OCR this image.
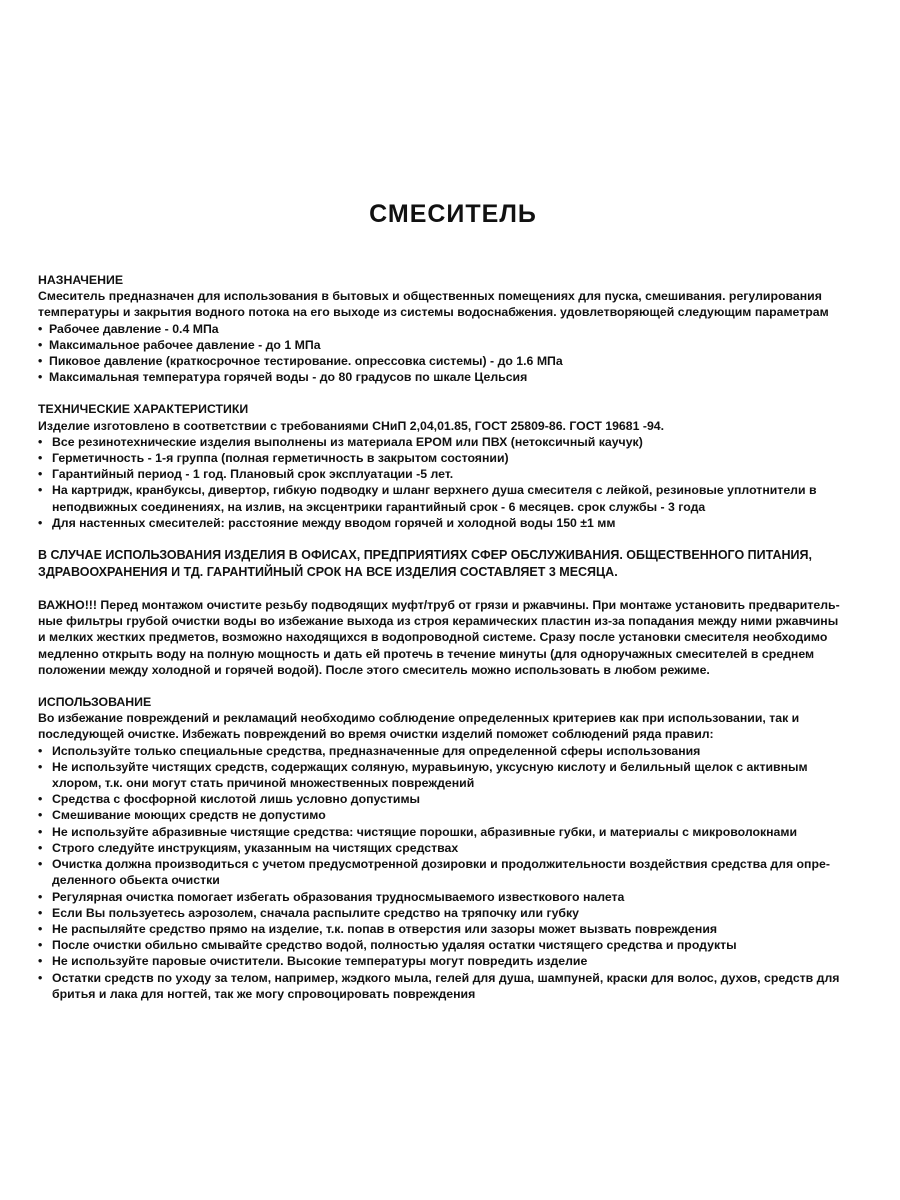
СМЕСИТЕЛЬ
НАЗНАЧЕНИЕ
Смеситель предназначен для использования в бытовых и общественных помещениях для пуска, смешивания. регулирования
температуры и закрытия водного потока на его выходе из системы водоснабжения. удовлетворяющей следующим параметрам
• Рабочее давление - 0.4 МПа
• Максимальное рабочее давление - до 1 МПа
• Пиковое давление (краткосрочное тестирование. опрессовка системы) - до 1.6 МПа
• Максимальная температура горячей воды - до 80 градусов по шкале Цельсия
ТЕХНИЧЕСКИЕ ХАРАКТЕРИСТИКИ
Изделие изготовлено в соответствии с требованиями СНиП 2,04,01.85, ГОСТ 25809-86. ГОСТ 19681 -94.
• Все резинотехнические изделия выполнены из материала EPOM или ПВХ (нетоксичный каучук)
• Герметичность - 1-я группа (полная герметичность в закрытом состоянии)
• Гарантийный период - 1 год. Плановый срок эксплуатации -5 лет.
• На картридж, кранбуксы, дивертор, гибкую подводку и шланг верхнего душа смесителя с лейкой, резиновые уплотнители в
неподвижных соединениях, на излив, на эксцентрики гарантийный срок - 6 месяцев. срок службы - 3 года
• Для настенных смесителей: расстояние между вводом горячей и холодной воды 150 ±1 мм
В СЛУЧАЕ ИСПОЛЬЗОВАНИЯ ИЗДЕЛИЯ В ОФИСАХ, ПРЕДПРИЯТИЯХ СФЕР ОБСЛУЖИВАНИЯ. ОБЩЕСТВЕННОГО ПИТАНИЯ,
ЗДРАВООХРАНЕНИЯ И ТД. ГАРАНТИЙНЫЙ СРОК НА ВСЕ ИЗДЕЛИЯ СОСТАВЛЯЕТ 3 МЕСЯЦА.
ВАЖНО!!! Перед монтажом очистите резьбу подводящих муфт/труб от грязи и ржавчины. При монтаже установить предваритель-
ные фильтры грубой очистки воды во избежание выхода из строя керамических пластин из-за попадания между ними ржавчины
и мелких жестких предметов, возможно находящихся в водопроводной системе. Сразу после установки смесителя необходимо
медленно открыть воду на полную мощность и дать ей протечь в течение минуты (для одноручажных смесителей в среднем
положении между холодной и горячей водой). После этого смеситель можно использовать в любом режиме.
ИСПОЛЬЗОВАНИЕ
Во избежание повреждений и рекламаций необходимо соблюдение определенных критериев как при использовании, так и
последующей очистке. Избежать повреждений во время очистки изделий поможет соблюдений ряда правил:
• Используйте только специальные средства, предназначенные для определенной сферы использования
• Не используйте чистящих средств, содержащих соляную, муравьиную, уксусную кислоту и белильный щелок с активным
хлором, т.к. они могут стать причиной множественных повреждений
• Средства с фосфорной кислотой лишь условно допустимы
• Смешивание моющих средств не допустимо
• Не используйте абразивные чистящие средства: чистящие порошки, абразивные губки, и материалы с микроволокнами
• Строго следуйте инструкциям, указанным на чистящих средствах
• Очистка должна производиться с учетом предусмотренной дозировки и продолжительности воздействия средства для опре-
деленного обьекта очистки
• Регулярная очистка помогает избегать образования трудносмываемого известкового налета
• Если Вы пользуетесь аэрозолем, сначала распылите средство на тряпочку или губку
• Не распыляйте средство прямо на изделие, т.к. попав в отверстия или зазоры может вызвать повреждения
• После очистки обильно смывайте средство водой, полностью удаляя остатки чистящего средства и продукты
• Не используйте паровые очистители. Высокие температуры могут повредить изделие
• Остатки средств по уходу за телом, например, жэдкого мыла, гелей для душа, шампуней, краски для волос, духов, средств для
бритья и лака для ногтей, так же могу спровоцировать повреждения
